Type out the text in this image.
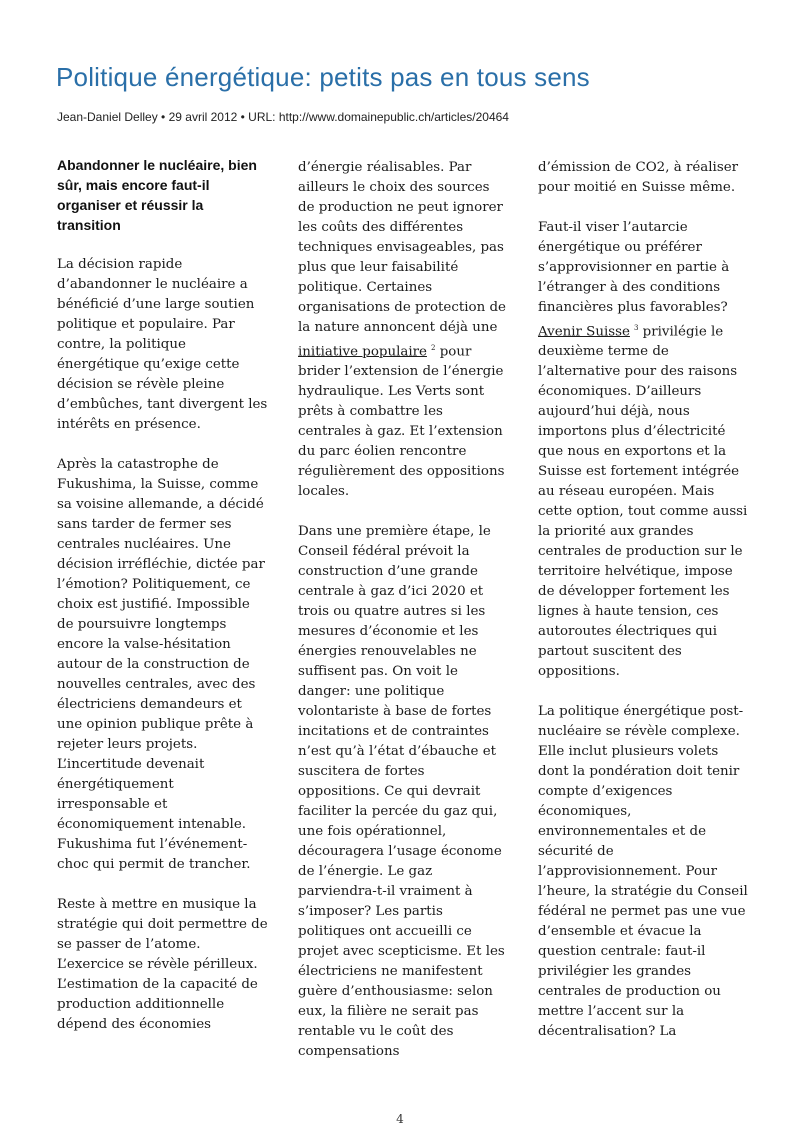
Politique énergétique: petits pas en tous sens
Jean-Daniel Delley • 29 avril 2012 • URL: http://www.domainepublic.ch/articles/20464
Abandonner le nucléaire, bien sûr, mais encore faut-il organiser et réussir la transition

La décision rapide d’abandonner le nucléaire a bénéficié d’une large soutien politique et populaire. Par contre, la politique énergétique qu’exige cette décision se révèle pleine d’embûches, tant divergent les intérêts en présence.

Après la catastrophe de Fukushima, la Suisse, comme sa voisine allemande, a décidé sans tarder de fermer ses centrales nucléaires. Une décision irréfléchie, dictée par l’émotion? Politiquement, ce choix est justifié. Impossible de poursuivre longtemps encore la valse-hésitation autour de la construction de nouvelles centrales, avec des électriciens demandeurs et une opinion publique prête à rejeter leurs projets. L’incertitude devenait énergétiquement irresponsable et économiquement intenable. Fukushima fut l’événement-choc qui permit de trancher.

Reste à mettre en musique la stratégie qui doit permettre de se passer de l’atome. L’exercice se révèle périlleux. L’estimation de la capacité de production additionnelle dépend des économies

d’énergie réalisables. Par ailleurs le choix des sources de production ne peut ignorer les coûts des différentes techniques envisageables, pas plus que leur faisabilité politique. Certaines organisations de protection de la nature annoncent déjà une initiative populaire $^2$ pour brider l’extension de l’énergie hydraulique. Les Verts sont prêts à combattre les centrales à gaz. Et l’extension du parc éolien rencontre régulièrement des oppositions locales.

Dans une première étape, le Conseil fédéral prévoit la construction d’une grande centrale à gaz d’ici 2020 et trois ou quatre autres si les mesures d’économie et les énergies renouvelables ne suffisent pas. On voit le danger: une politique volontariste à base de fortes incitations et de contraintes n’est qu’à l’état d’ébauche et suscitera de fortes oppositions. Ce qui devrait faciliter la percée du gaz qui, une fois opérationnel, découragera l’usage économe de l’énergie. Le gaz parviendra-t-il vraiment à s’imposer? Les partis politiques ont accueilli ce projet avec scepticisme. Et les électriciens ne manifestent guère d’enthousiasme: selon eux, la filière ne serait pas rentable vu le coût des compensations

d’émission de CO2, à réaliser pour moitié en Suisse même.

Faut-il viser l’autarcie énergétique ou préférer s’approvisionner en partie à l’étranger à des conditions financières plus favorables? Avenir Suisse $^3$ privilégie le deuxième terme de l’alternative pour des raisons économiques. D’ailleurs aujourd’hui déjà, nous importons plus d’électricité que nous en exportons et la Suisse est fortement intégrée au réseau européen. Mais cette option, tout comme aussi la priorité aux grandes centrales de production sur le territoire helvétique, impose de développer fortement les lignes à haute tension, ces autoroutes électriques qui partout suscitent des oppositions.

La politique énergétique post-nucléaire se révèle complexe. Elle inclut plusieurs volets dont la pondération doit tenir compte d’exigences économiques, environnementales et de sécurité de l’approvisionnement. Pour l’heure, la stratégie du Conseil fédéral ne permet pas une vue d’ensemble et évacue la question centrale: faut-il privilégier les grandes centrales de production ou mettre l’accent sur la décentralisation? La

4
